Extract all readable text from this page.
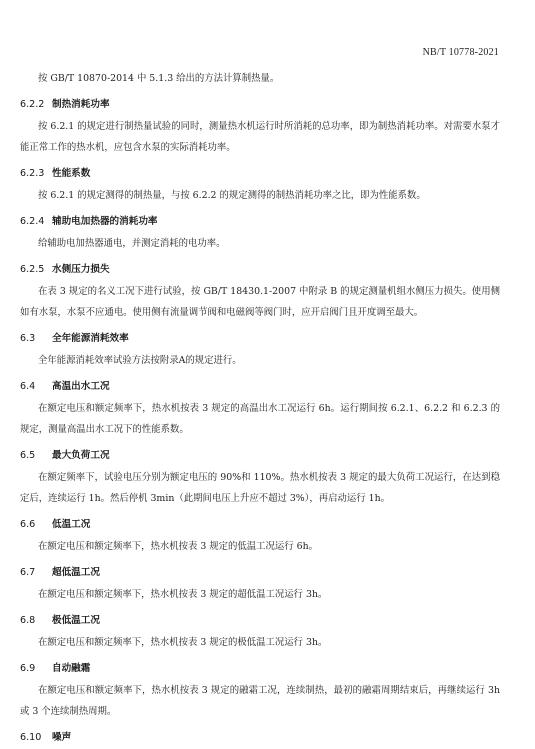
NB/T 10778-2021

按 GB/T 10870-2014 中 5.1.3 给出的方法计算制热量。

6.2.2 制热消耗功率

按 6.2.1 的规定进行制热量试验的同时，测量热水机运行时所消耗的总功率，即为制热消耗功率。对需要水泵才能正常工作的热水机，应包含水泵的实际消耗功率。

6.2.3 性能系数

按 6.2.1 的规定测得的制热量，与按 6.2.2 的规定测得的制热消耗功率之比，即为性能系数。

6.2.4 辅助电加热器的消耗功率

给辅助电加热器通电，并测定消耗的电功率。

6.2.5 水侧压力损失

在表 3 规定的名义工况下进行试验，按 GB/T 18430.1-2007 中附录 B 的规定测量机组水侧压力损失。使用侧如有水泵，水泵不应通电。使用侧有流量调节阀和电磁阀等阀门时，应开启阀门且开度调至最大。

6.3 全年能源消耗效率

全年能源消耗效率试验方法按附录A的规定进行。

6.4 高温出水工况

在额定电压和额定频率下，热水机按表 3 规定的高温出水工况运行 6h。运行期间按 6.2.1、6.2.2 和 6.2.3 的规定，测量高温出水工况下的性能系数。

6.5 最大负荷工况

在额定频率下，试验电压分别为额定电压的 90%和 110%。热水机按表 3 规定的最大负荷工况运行，在达到稳定后，连续运行 1h。然后停机 3min（此期间电压上升应不超过 3%），再启动运行 1h。

6.6 低温工况

在额定电压和额定频率下，热水机按表 3 规定的低温工况运行 6h。

6.7 超低温工况

在额定电压和额定频率下，热水机按表 3 规定的超低温工况运行 3h。

6.8 极低温工况

在额定电压和额定频率下，热水机按表 3 规定的极低温工况运行 3h。

6.9 自动融霜

在额定电压和额定频率下，热水机按表 3 规定的融霜工况，连续制热，最初的融霜周期结束后，再继续运行 3h 或 3 个连续制热周期。

6.10 噪声
